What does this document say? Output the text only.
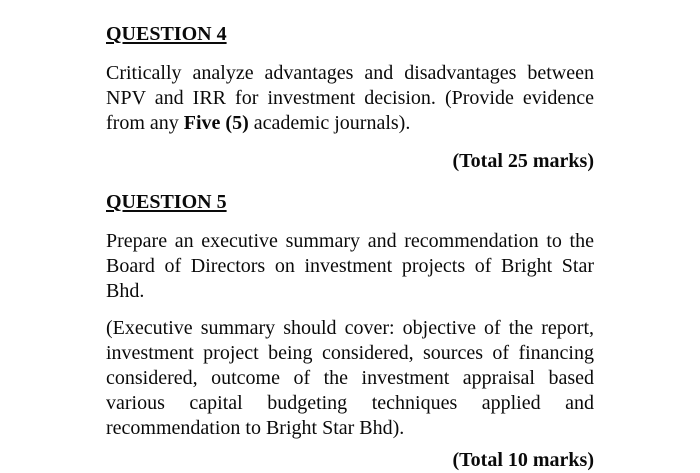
QUESTION 4

Critically analyze advantages and disadvantages between NPV and IRR for investment decision. (Provide evidence from any Five (5) academic journals).

(Total 25 marks)

QUESTION 5

Prepare an executive summary and recommendation to the Board of Directors on investment projects of Bright Star Bhd.

(Executive summary should cover: objective of the report, investment project being considered, sources of financing considered, outcome of the investment appraisal based various capital budgeting techniques applied and recommendation to Bright Star Bhd).

(Total 10 marks)
